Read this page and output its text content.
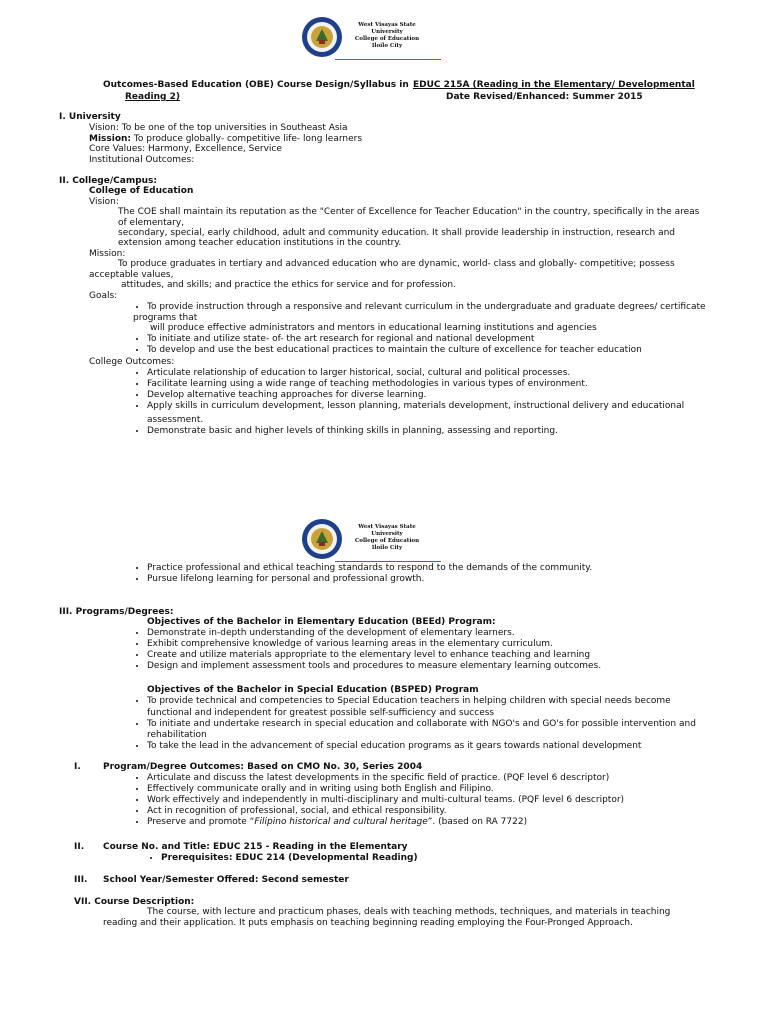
West Visayas State University
College of Education
Iloilo City
Outcomes-Based Education (OBE) Course Design/Syllabus in EDUC 215A (Reading in the Elementary/ Developmental
Reading 2)	Date Revised/Enhanced: Summer 2015
I. University
Vision: To be one of the top universities in Southeast Asia
Mission: To produce globally- competitive life- long learners
Core Values: Harmony, Excellence, Service
Institutional Outcomes:
II. College/Campus:
College of Education
Vision:
The COE shall maintain its reputation as the "Center of Excellence for Teacher Education" in the country, specifically in the areas
of elementary,
secondary, special, early childhood, adult and community education. It shall provide leadership in instruction, research and
extension among teacher education institutions in the country.
Mission:
To produce graduates in tertiary and advanced education who are dynamic, world- class and globally- competitive; possess
acceptable values,
attitudes, and skills; and practice the ethics for service and for profession.
Goals:
• To provide instruction through a responsive and relevant curriculum in the undergraduate and graduate degrees/ certificate
programs that
will produce effective administrators and mentors in educational learning institutions and agencies
• To initiate and utilize state- of- the art research for regional and national development
• To develop and use the best educational practices to maintain the culture of excellence for teacher education
College Outcomes:
• Articulate relationship of education to larger historical, social, cultural and political processes.
• Facilitate learning using a wide range of teaching methodologies in various types of environment.
• Develop alternative teaching approaches for diverse learning.
• Apply skills in curriculum development, lesson planning, materials development, instructional delivery and educational
assessment.
• Demonstrate basic and higher levels of thinking skills in planning, assessing and reporting.
West Visayas State University
College of Education
Iloilo City
• Practice professional and ethical teaching standards to respond to the demands of the community.
• Pursue lifelong learning for personal and professional growth.
III. Programs/Degrees:
Objectives of the Bachelor in Elementary Education (BEEd) Program:
• Demonstrate in-depth understanding of the development of elementary learners.
• Exhibit comprehensive knowledge of various learning areas in the elementary curriculum.
• Create and utilize materials appropriate to the elementary level to enhance teaching and learning
• Design and implement assessment tools and procedures to measure elementary learning outcomes.
Objectives of the Bachelor in Special Education (BSPED) Program
• To provide technical and competencies to Special Education teachers in helping children with special needs become
functional and independent for greatest possible self-sufficiency and success
• To initiate and undertake research in special education and collaborate with NGO's and GO's for possible intervention and
rehabilitation
• To take the lead in the advancement of special education programs as it gears towards national development
I. Program/Degree Outcomes: Based on CMO No. 30, Series 2004
• Articulate and discuss the latest developments in the specific field of practice. (PQF level 6 descriptor)
• Effectively communicate orally and in writing using both English and Filipino.
• Work effectively and independently in multi-disciplinary and multi-cultural teams. (PQF level 6 descriptor)
• Act in recognition of professional, social, and ethical responsibility.
• Preserve and promote “Filipino historical and cultural heritage”. (based on RA 7722)
II. Course No. and Title: EDUC 215 - Reading in the Elementary
• Prerequisites: EDUC 214 (Developmental Reading)
III. School Year/Semester Offered: Second semester
VII. Course Description:
The course, with lecture and practicum phases, deals with teaching methods, techniques, and materials in teaching
reading and their application. It puts emphasis on teaching beginning reading employing the Four-Pronged Approach.
